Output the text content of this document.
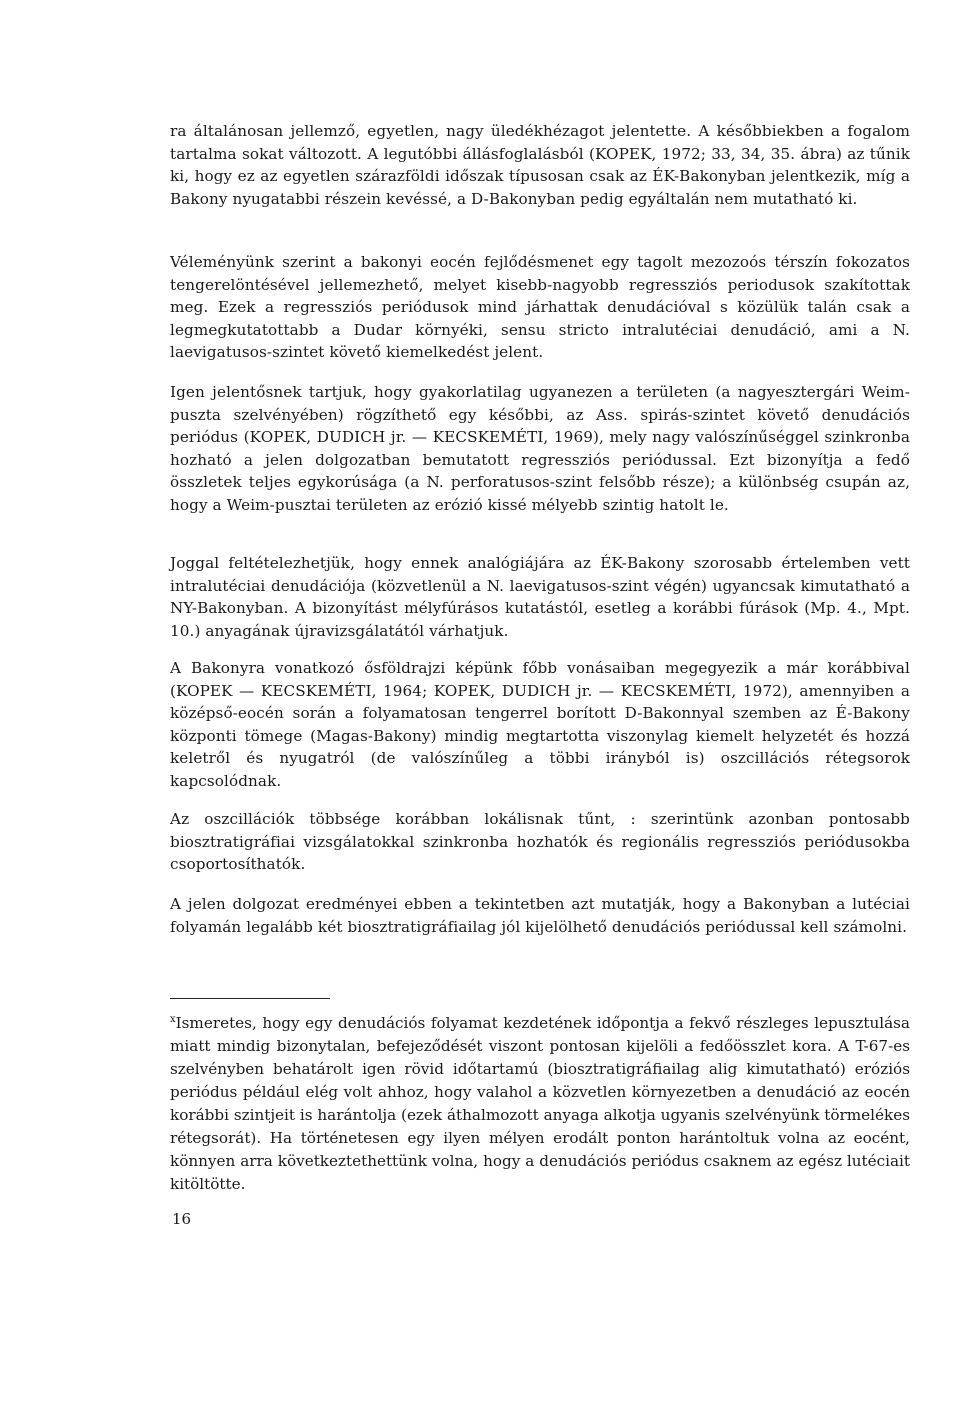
ra általánosan jellemző, egyetlen, nagy üledékhézagot jelentette. A későbbiekben a fogalom tartalma sokat változott. A legutóbbi állásfoglalásból (KOPEK, 1972; 33, 34, 35. ábra) az tűnik ki, hogy ez az egyetlen szárazföldi időszak típusosan csak az ÉK-Bakonyban jelentkezik, míg a Bakony nyugatabbi részein kevéssé, a D-Bakonyban pedig egyáltalán nem mutatható ki.

Véleményünk szerint a bakonyi eocén fejlődésmenet egy tagolt mezozoós térszín fokozatos tengerelöntésével jellemezhető, melyet kisebb-nagyobb regressziós periodusok szakítottak meg. Ezek a regressziós periódusok mind járhattak denudációval s közülük talán csak a legmegkutatottabb a Dudar környéki, sensu stricto intralutéciai denudáció, ami a N. laevigatusos-szintet követő kiemelkedést jelent.

Igen jelentősnek tartjuk, hogy gyakorlatilag ugyanezen a területen (a nagyesztergári Weim-puszta szelvényében) rögzíthető egy későbbi, az Ass. spirás-szintet követő denudációs periódus (KOPEK, DUDICH jr. — KECSKEMÉTI, 1969), mely nagy valószínűséggel szinkronba hozható a jelen dolgozatban bemutatott regressziós periódussal. Ezt bizonyítja a fedő összletek teljes egykorúsága (a N. perforatusos-szint felsőbb része); a különbség csupán az, hogy a Weim-pusztai területen az erózió kissé mélyebb szintig hatolt le.

Joggal feltételezhetjük, hogy ennek analógiájára az ÉK-Bakony szorosabb értelemben vett intralutéciai denudációja (közvetlenül a N. laevigatusos-szint végén) ugyancsak kimutatható a NY-Bakonyban. A bizonyítást mélyfúrásos kutatástól, esetleg a korábbi fúrások (Mp. 4., Mpt. 10.) anyagának újravizsgálatától várhatjuk.

A Bakonyra vonatkozó ősföldrajzi képünk főbb vonásaiban megegyezik a már korábbival (KOPEK — KECSKEMÉTI, 1964; KOPEK, DUDICH jr. — KECSKEMÉTI, 1972), amennyiben a középső-eocén során a folyamatosan tengerrel borított D-Bakonnyal szemben az É-Bakony központi tömege (Magas-Bakony) mindig megtartotta viszonylag kiemelt helyzetét és hozzá keletről és nyugatról (de valószínűleg a többi irányból is) oszcillációs rétegsorok kapcsolódnak.

Az oszcillációk többsége korábban lokálisnak tűnt, : szerintünk azonban pontosabb biosztratigráfiai vizsgálatokkal szinkronba hozhatók és regionális regressziós periódusokba csoportosíthatók.

A jelen dolgozat eredményei ebben a tekintetben azt mutatják, hogy a Bakonyban a lutéciai folyamán legalább két biosztratigráfiailag jól kijelölhető denudációs periódussal kell számolni.

$^x$Ismeretes, hogy egy denudációs folyamat kezdetének időpontja a fekvő részleges lepusztulása miatt mindig bizonytalan, befejeződését viszont pontosan kijelöli a fedőösszlet kora. A T-67-es szelvényben behatárolt igen rövid időtartamú (biosztratigráfiailag alig kimutatható) eróziós periódus például elég volt ahhoz, hogy valahol a közvetlen környezetben a denudáció az eocén korábbi szintjeit is harántolja (ezek áthalmozott anyaga alkotja ugyanis szelvényünk törmelékes rétegsorát). Ha történetesen egy ilyen mélyen erodált ponton harántoltuk volna az eocént, könnyen arra következtethettünk volna, hogy a denudációs periódus csaknem az egész lutéciait kitöltötte.

16
